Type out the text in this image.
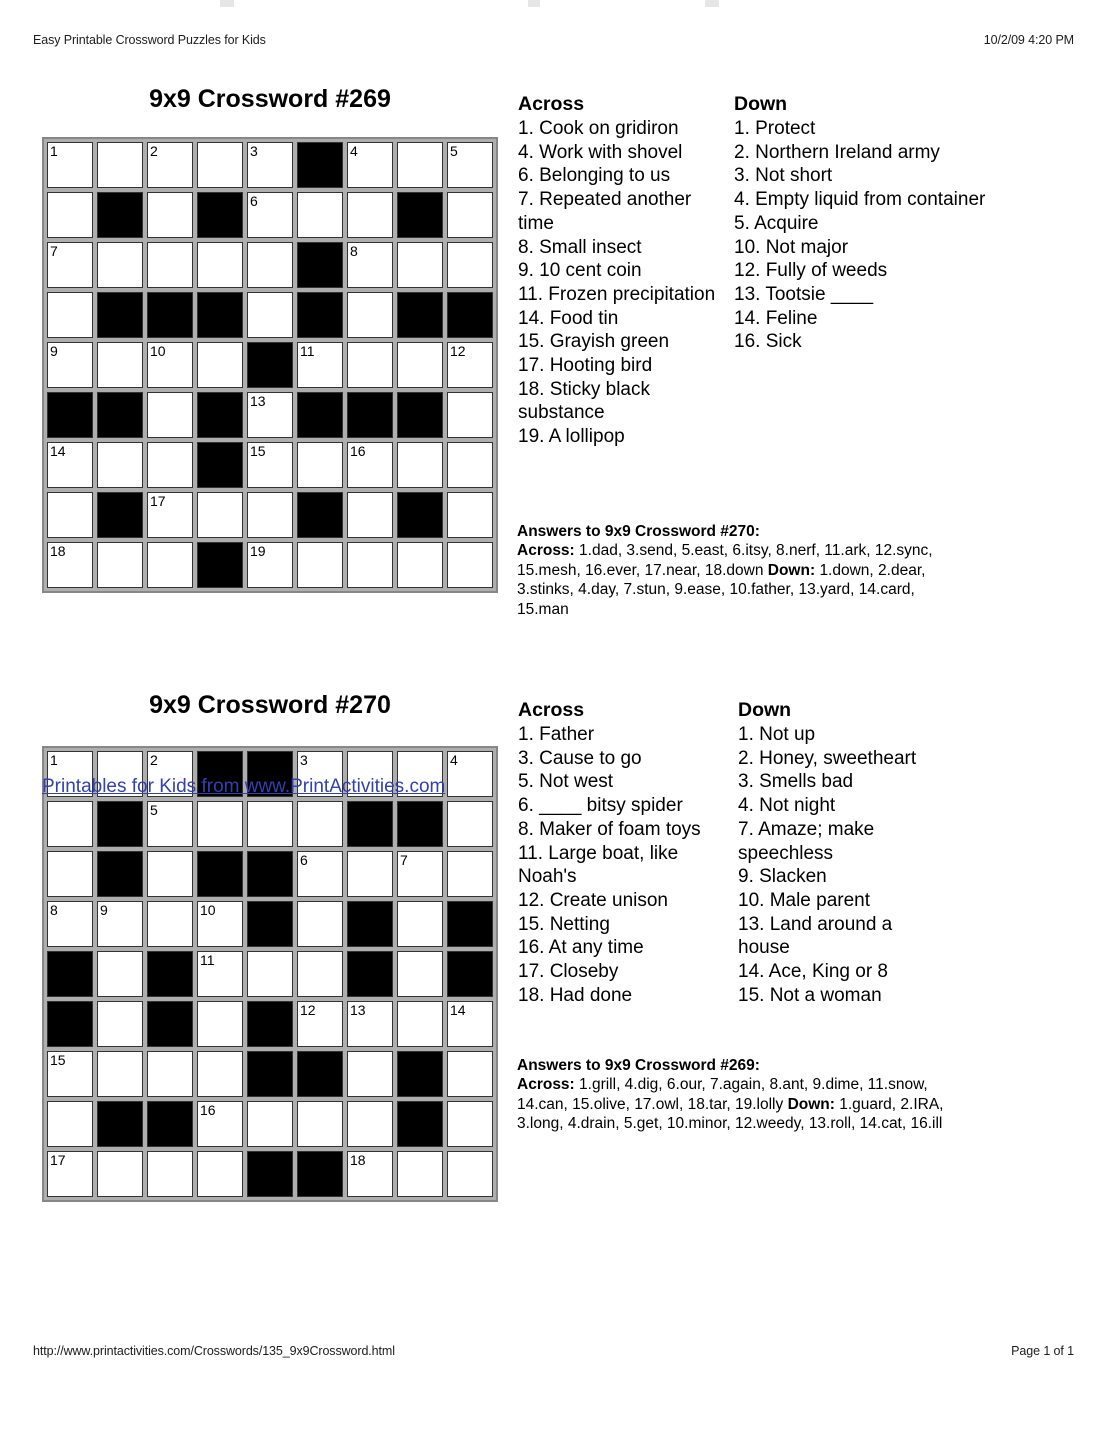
Easy Printable Crossword Puzzles for Kids	10/2/09 4:20 PM
9x9 Crossword #269
1	2	3	4	5
6
7	8
9	10	11	12
13
14	15	16
17
18	19
Across
1. Cook on gridiron
4. Work with shovel
6. Belonging to us
7. Repeated another time
8. Small insect
9. 10 cent coin
11. Frozen precipitation
14. Food tin
15. Grayish green
17. Hooting bird
18. Sticky black substance
19. A lollipop
Down
1. Protect
2. Northern Ireland army
3. Not short
4. Empty liquid from container
5. Acquire
10. Not major
12. Fully of weeds
13. Tootsie ____
14. Feline
16. Sick
Answers to 9x9 Crossword #270:
Across: 1.dad, 3.send, 5.east, 6.itsy, 8.nerf, 11.ark, 12.sync, 15.mesh, 16.ever, 17.near, 18.down Down: 1.down, 2.dear, 3.stinks, 4.day, 7.stun, 9.ease, 10.father, 13.yard, 14.card, 15.man
9x9 Crossword #270
1	2	3	4
5
6	7
8	9	10
11
12 13	14
15
16
17	18
Printables for Kids from www.PrintActivities.com
Across
1. Father
3. Cause to go
5. Not west
6. ____ bitsy spider
8. Maker of foam toys
11. Large boat, like Noah's
12. Create unison
15. Netting
16. At any time
17. Closeby
18. Had done
Down
1. Not up
2. Honey, sweetheart
3. Smells bad
4. Not night
7. Amaze; make speechless
9. Slacken
10. Male parent
13. Land around a house
14. Ace, King or 8
15. Not a woman
Answers to 9x9 Crossword #269:
Across: 1.grill, 4.dig, 6.our, 7.again, 8.ant, 9.dime, 11.snow, 14.can, 15.olive, 17.owl, 18.tar, 19.lolly Down: 1.guard, 2.IRA, 3.long, 4.drain, 5.get, 10.minor, 12.weedy, 13.roll, 14.cat, 16.ill
http://www.printactivities.com/Crosswords/135_9x9Crossword.html	Page 1 of 1
